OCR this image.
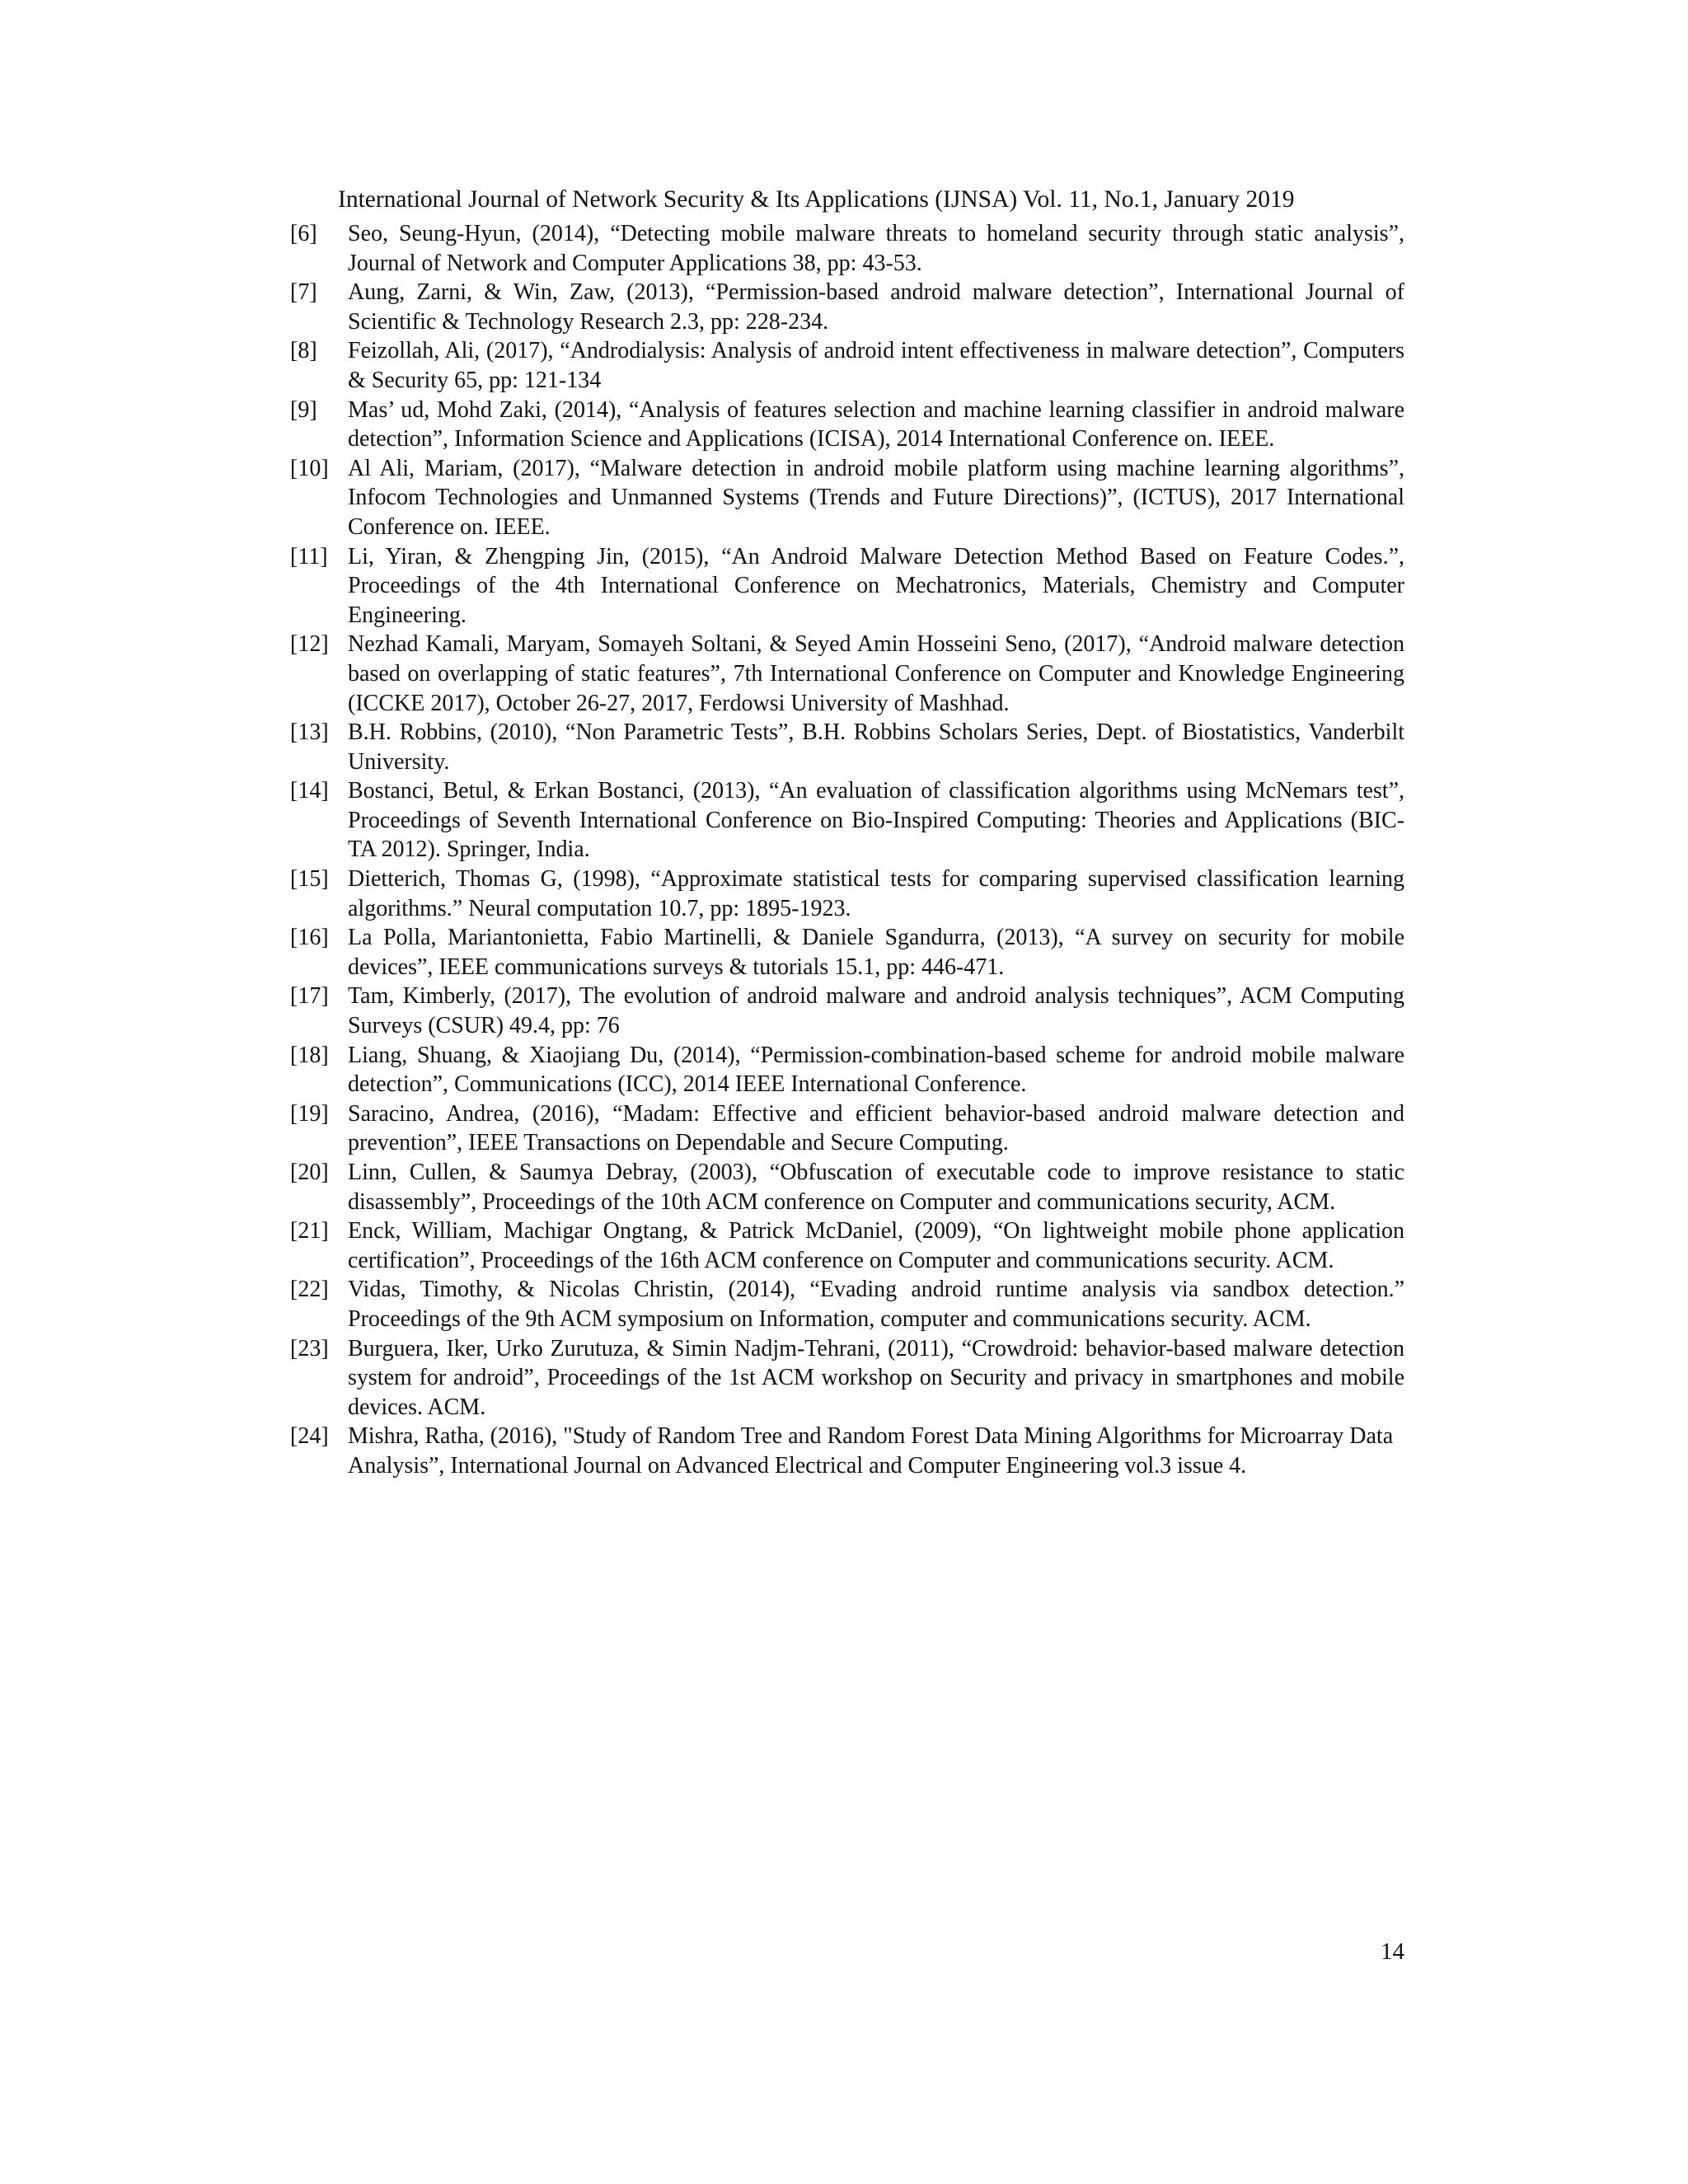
International Journal of Network Security & Its Applications (IJNSA) Vol. 11, No.1, January 2019
[6] Seo, Seung-Hyun, (2014), “Detecting mobile malware threats to homeland security through static analysis”, Journal of Network and Computer Applications 38, pp: 43-53.
[7] Aung, Zarni, & Win, Zaw, (2013), “Permission-based android malware detection”, International Journal of Scientific & Technology Research 2.3, pp: 228-234.
[8] Feizollah, Ali, (2017), “Androdialysis: Analysis of android intent effectiveness in malware detection”, Computers & Security 65, pp: 121-134
[9] Mas’ ud, Mohd Zaki, (2014), “Analysis of features selection and machine learning classifier in android malware detection”, Information Science and Applications (ICISA), 2014 International Conference on. IEEE.
[10] Al Ali, Mariam, (2017), “Malware detection in android mobile platform using machine learning algorithms”, Infocom Technologies and Unmanned Systems (Trends and Future Directions)”, (ICTUS), 2017 International Conference on. IEEE.
[11] Li, Yiran, & Zhengping Jin, (2015), “An Android Malware Detection Method Based on Feature Codes.”, Proceedings of the 4th International Conference on Mechatronics, Materials, Chemistry and Computer Engineering.
[12] Nezhad Kamali, Maryam, Somayeh Soltani, & Seyed Amin Hosseini Seno, (2017), “Android malware detection based on overlapping of static features”, 7th International Conference on Computer and Knowledge Engineering (ICCKE 2017), October 26-27, 2017, Ferdowsi University of Mashhad.
[13] B.H. Robbins, (2010), “Non Parametric Tests”, B.H. Robbins Scholars Series, Dept. of Biostatistics, Vanderbilt University.
[14] Bostanci, Betul, & Erkan Bostanci, (2013), “An evaluation of classification algorithms using McNemars test”, Proceedings of Seventh International Conference on Bio-Inspired Computing: Theories and Applications (BIC-TA 2012). Springer, India.
[15] Dietterich, Thomas G, (1998), “Approximate statistical tests for comparing supervised classification learning algorithms.” Neural computation 10.7, pp: 1895-1923.
[16] La Polla, Mariantonietta, Fabio Martinelli, & Daniele Sgandurra, (2013), “A survey on security for mobile devices”, IEEE communications surveys & tutorials 15.1, pp: 446-471.
[17] Tam, Kimberly, (2017), The evolution of android malware and android analysis techniques”, ACM Computing Surveys (CSUR) 49.4, pp: 76
[18] Liang, Shuang, & Xiaojiang Du, (2014), “Permission-combination-based scheme for android mobile malware detection”, Communications (ICC), 2014 IEEE International Conference.
[19] Saracino, Andrea, (2016), “Madam: Effective and efficient behavior-based android malware detection and prevention”, IEEE Transactions on Dependable and Secure Computing.
[20] Linn, Cullen, & Saumya Debray, (2003), “Obfuscation of executable code to improve resistance to static disassembly”, Proceedings of the 10th ACM conference on Computer and communications security, ACM.
[21] Enck, William, Machigar Ongtang, & Patrick McDaniel, (2009), “On lightweight mobile phone application certification”, Proceedings of the 16th ACM conference on Computer and communications security. ACM.
[22] Vidas, Timothy, & Nicolas Christin, (2014), “Evading android runtime analysis via sandbox detection.” Proceedings of the 9th ACM symposium on Information, computer and communications security. ACM.
[23] Burguera, Iker, Urko Zurutuza, & Simin Nadjm-Tehrani, (2011), “Crowdroid: behavior-based malware detection system for android”, Proceedings of the 1st ACM workshop on Security and privacy in smartphones and mobile devices. ACM.
[24] Mishra, Ratha, (2016), "Study of Random Tree and Random Forest Data Mining Algorithms for Microarray Data Analysis”, International Journal on Advanced Electrical and Computer Engineering vol.3 issue 4.
14
